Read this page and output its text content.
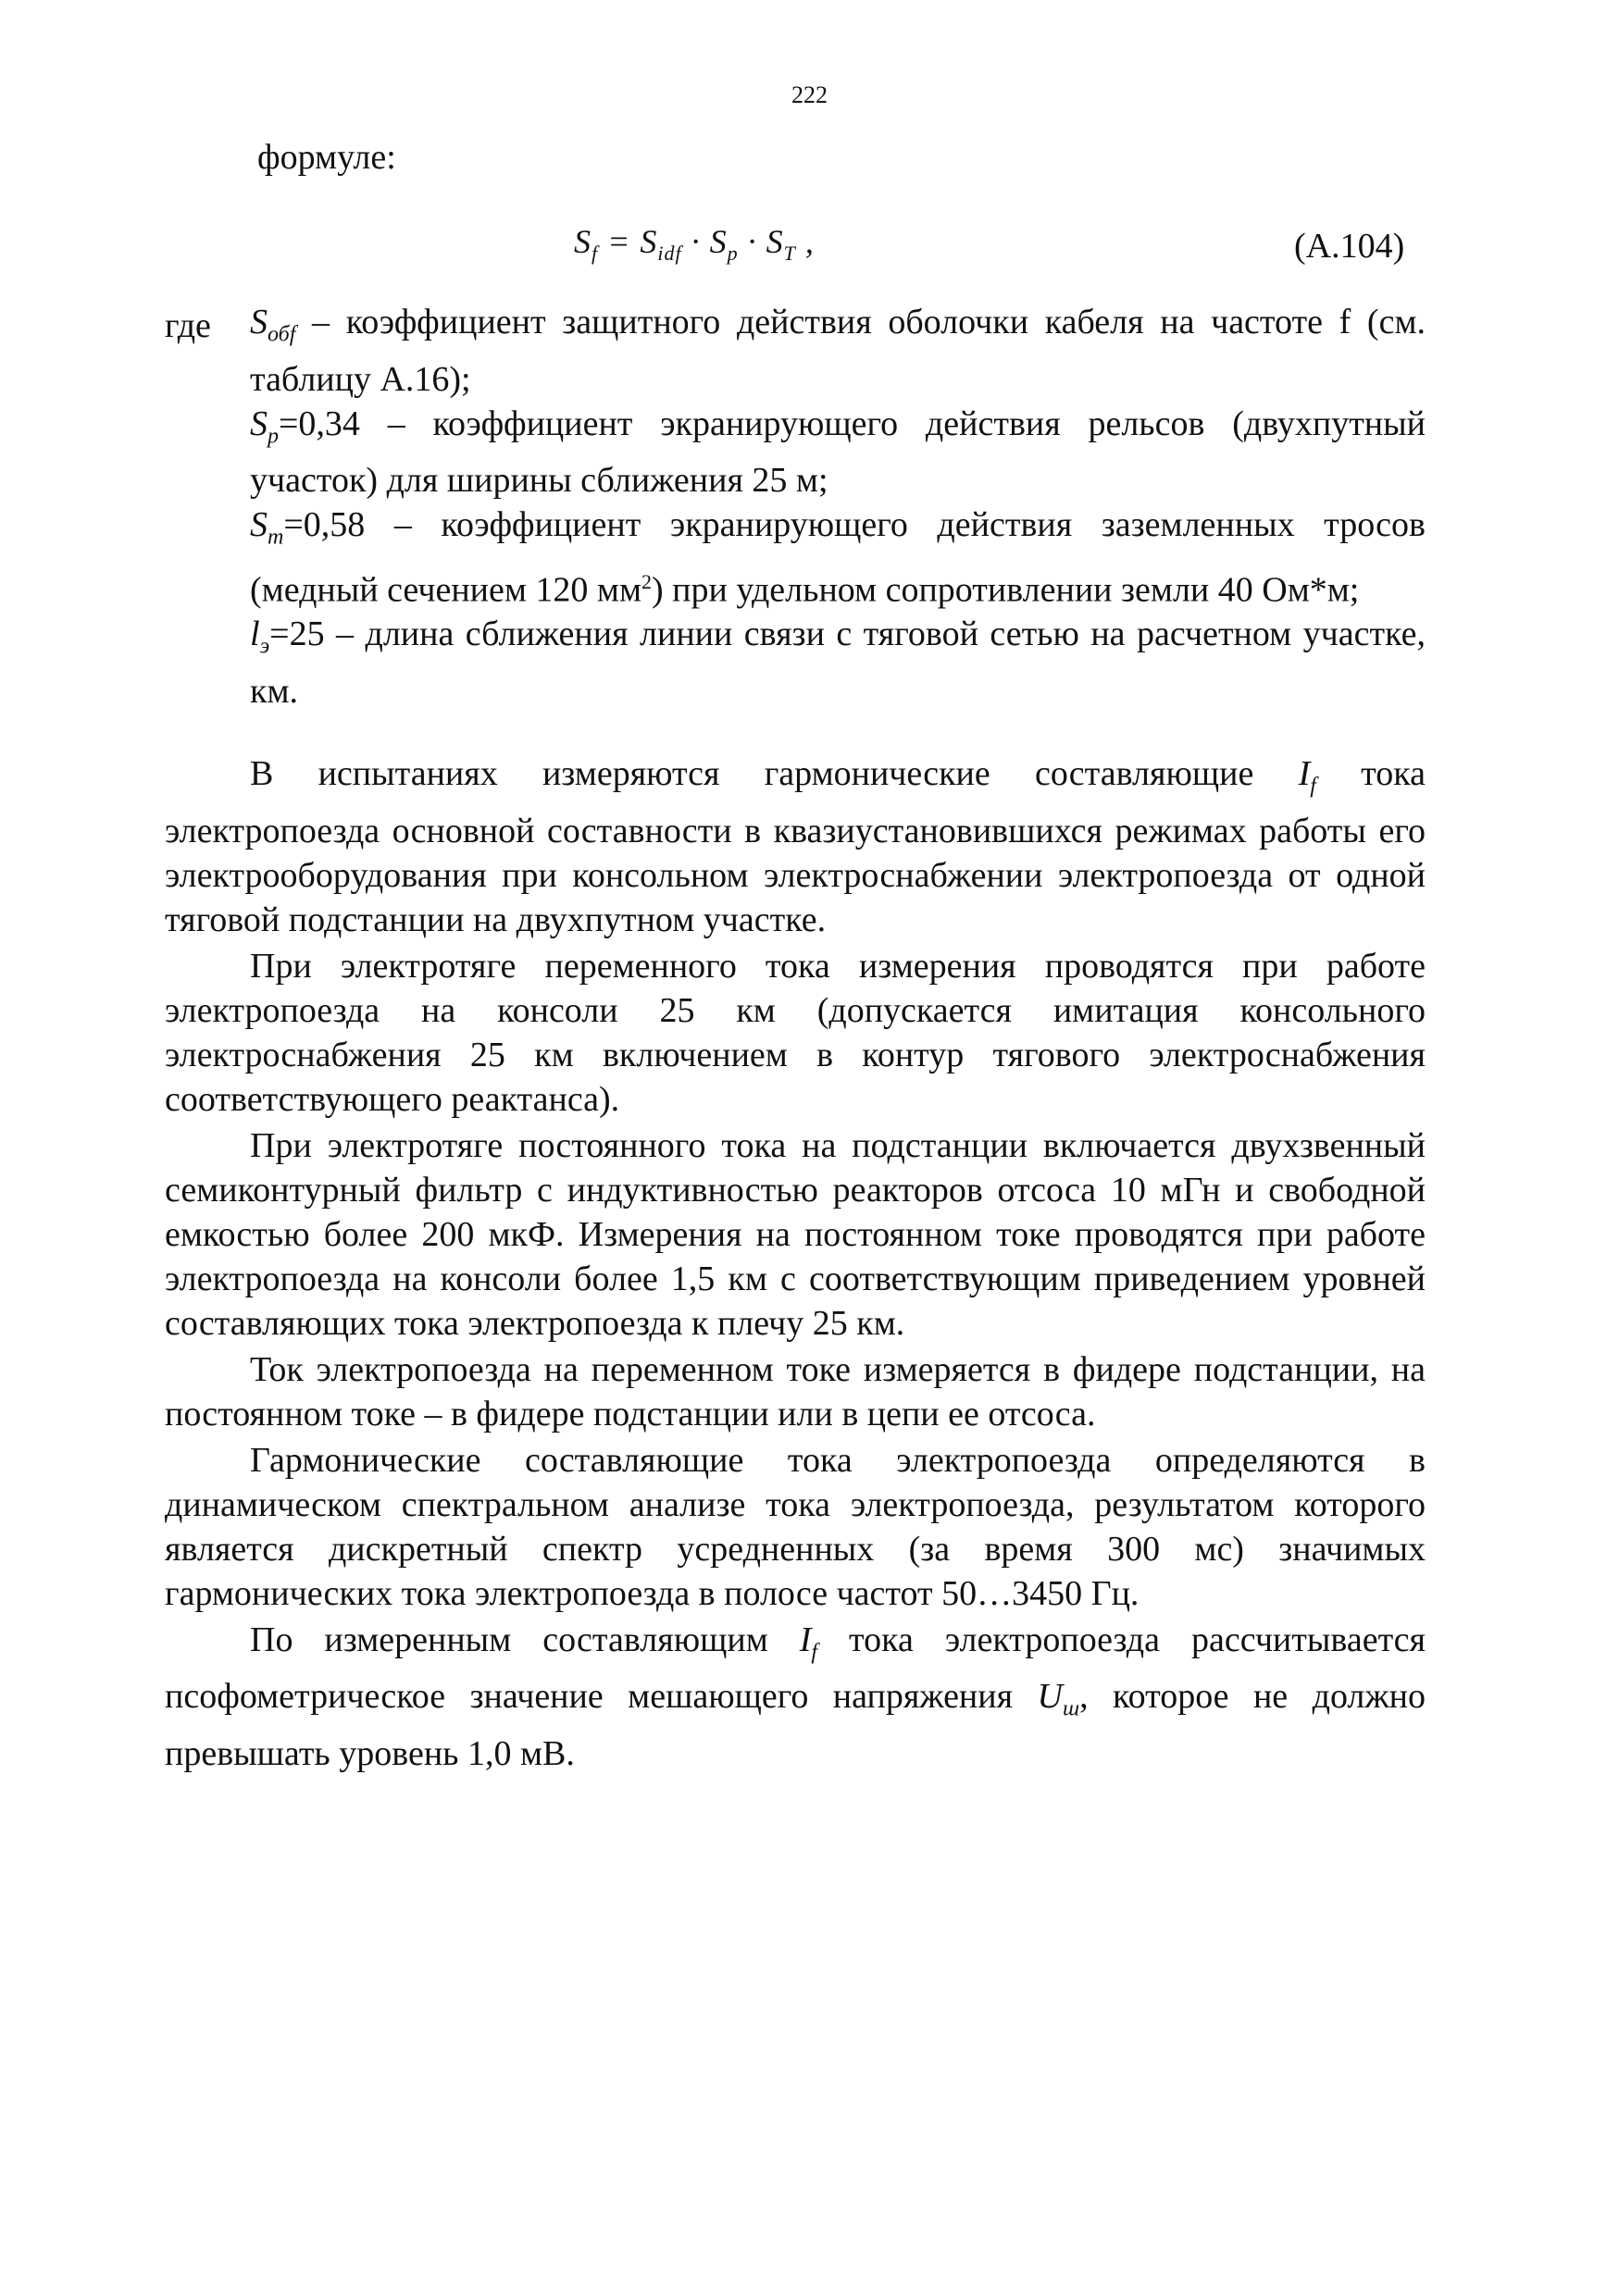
222
формуле:
$S_f = S_{idf} \cdot S_p \cdot S_T$ ,	(А.104)
где $S_{обf}$ – коэффициент защитного действия оболочки кабеля на частоте f (см. таблицу А.16);
$S_р=0,34$ – коэффициент экранирующего действия рельсов (двухпутный участок) для ширины сближения 25 м;
$S_т=0,58$ – коэффициент экранирующего действия заземленных тросов (медный сечением 120 $мм^2$) при удельном сопротивлении земли 40 Ом*м;
$l_э=25$ – длина сближения линии связи с тяговой сетью на расчетном участке, км.

В испытаниях измеряются гармонические составляющие $I_f$ тока электропоезда основной составности в квазиустановившихся режимах работы его электрооборудования при консольном электроснабжении электропоезда от одной тяговой подстанции на двухпутном участке.

При электротяге переменного тока измерения проводятся при работе электропоезда на консоли 25 км (допускается имитация консольного электроснабжения 25 км включением в контур тягового электроснабжения соответствующего реактанса).

При электротяге постоянного тока на подстанции включается двухзвенный семиконтурный фильтр с индуктивностью реакторов отсоса 10 мГн и свободной емкостью более 200 мкФ. Измерения на постоянном токе проводятся при работе электропоезда на консоли более 1,5 км с соответствующим приведением уровней составляющих тока электропоезда к плечу 25 км.

Ток электропоезда на переменном токе измеряется в фидере подстанции, на постоянном токе – в фидере подстанции или в цепи ее отсоса.

Гармонические составляющие тока электропоезда определяются в динамическом спектральном анализе тока электропоезда, результатом которого является дискретный спектр усредненных (за время 300 мс) значимых гармонических тока электропоезда в полосе частот 50…3450 Гц.

По измеренным составляющим $I_f$ тока электропоезда рассчитывается псофометрическое значение мешающего напряжения $U_ш$, которое не должно превышать уровень 1,0 мВ.
